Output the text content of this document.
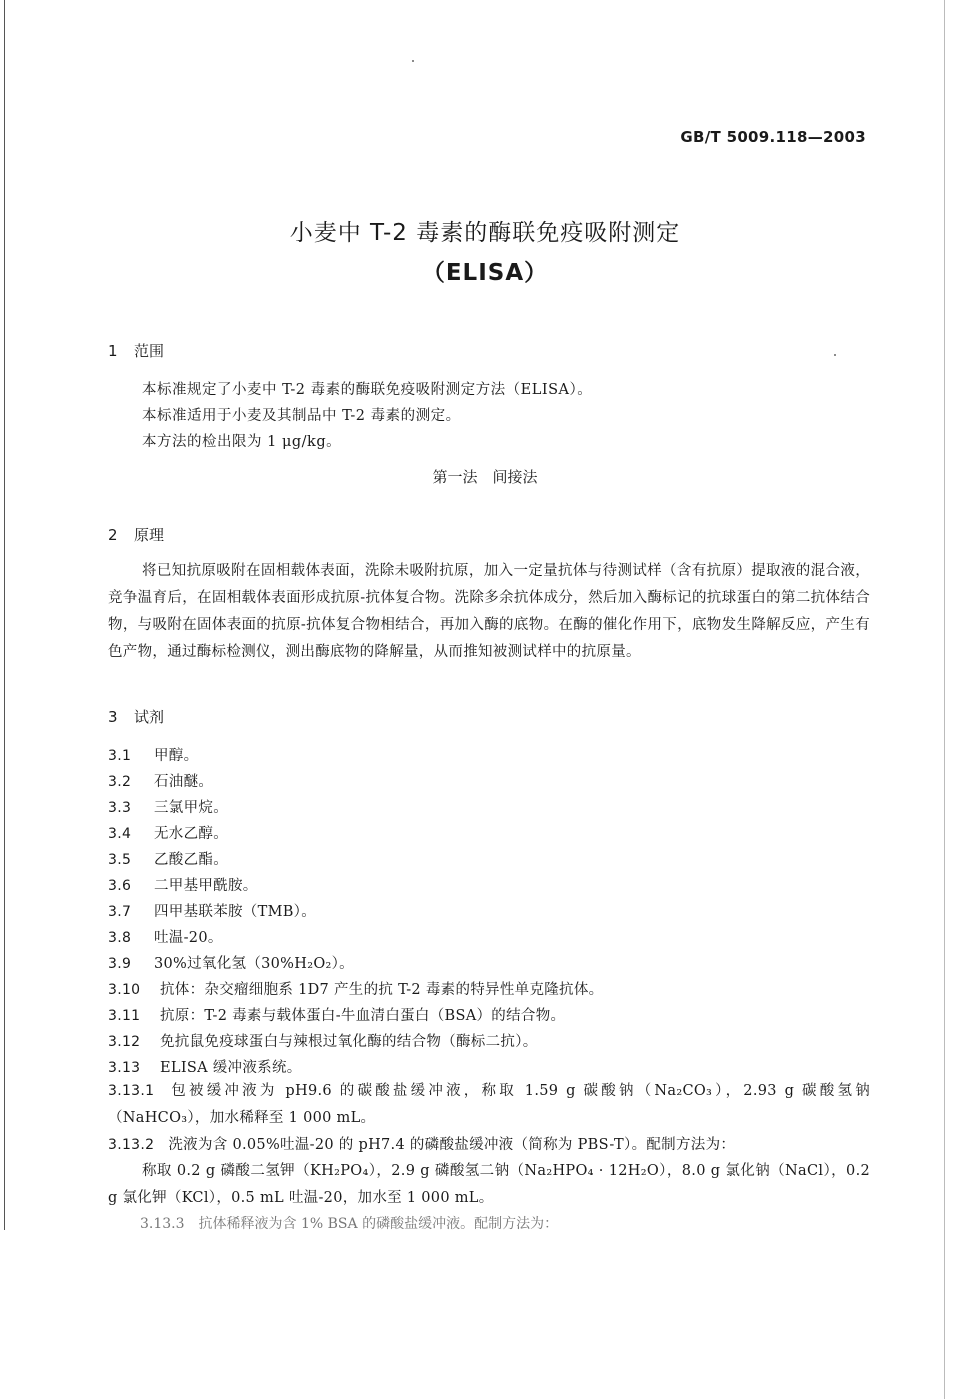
GB/T 5009.118—2003
小麦中 T-2 毒素的酶联免疫吸附测定
（ELISA）
1 范围
本标准规定了小麦中 T-2 毒素的酶联免疫吸附测定方法（ELISA）。
本标准适用于小麦及其制品中 T-2 毒素的测定。
本方法的检出限为 1 μg/kg。
第一法　间接法
2 原理
将已知抗原吸附在固相载体表面，洗除未吸附抗原，加入一定量抗体与待测试样（含有抗原）提取液的混合液，竞争温育后，在固相载体表面形成抗原-抗体复合物。洗除多余抗体成分，然后加入酶标记的抗球蛋白的第二抗体结合物，与吸附在固体表面的抗原-抗体复合物相结合，再加入酶的底物。在酶的催化作用下，底物发生降解反应，产生有色产物，通过酶标检测仪，测出酶底物的降解量，从而推知被测试样中的抗原量。
3 试剂
3.1 甲醇。
3.2 石油醚。
3.3 三氯甲烷。
3.4 无水乙醇。
3.5 乙酸乙酯。
3.6 二甲基甲酰胺。
3.7 四甲基联苯胺（TMB）。
3.8 吐温-20。
3.9 30%过氧化氢（30%H₂O₂）。
3.10 抗体：杂交瘤细胞系 1D7 产生的抗 T-2 毒素的特异性单克隆抗体。
3.11 抗原：T-2 毒素与载体蛋白-牛血清白蛋白（BSA）的结合物。
3.12 免抗鼠免疫球蛋白与辣根过氧化酶的结合物（酶标二抗）。
3.13 ELISA 缓冲液系统。
3.13.1 包被缓冲液为 pH9.6 的碳酸盐缓冲液，称取 1.59 g 碳酸钠（Na₂CO₃），2.93 g 碳酸氢钠（NaHCO₃），加水稀释至 1 000 mL。
3.13.2 洗液为含 0.05%吐温-20 的 pH7.4 的磷酸盐缓冲液（简称为 PBS-T）。配制方法为：
称取 0.2 g 磷酸二氢钾（KH₂PO₄），2.9 g 磷酸氢二钠（Na₂HPO₄ · 12H₂O），8.0 g 氯化钠（NaCl），0.2 g 氯化钾（KCl），0.5 mL 吐温-20，加水至 1 000 mL。
3.13.3　抗体稀释液为含 1% BSA 的磷酸盐缓冲液。配制方法为：
